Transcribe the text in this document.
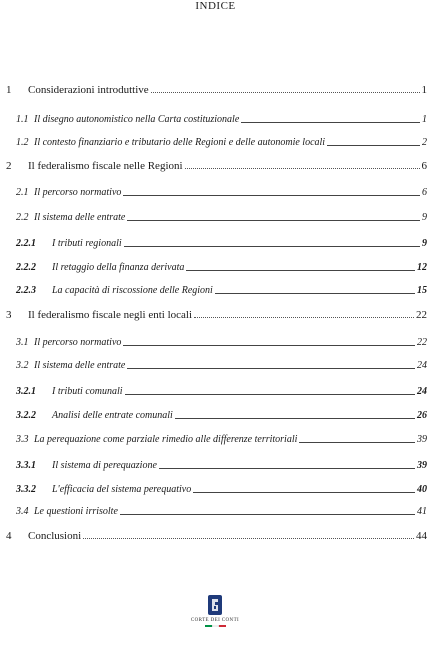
INDICE
1	Considerazioni introduttive	1
1.1 Il disegno autonomistico nella Carta costituzionale	1
1.2 Il contesto finanziario e tributario delle Regioni e delle autonomie locali	2
2	Il federalismo fiscale nelle Regioni	6
2.1 Il percorso normativo	6
2.2 Il sistema delle entrate	9
2.2.1	I tributi regionali	9
2.2.2	Il retaggio della finanza derivata	12
2.2.3	La capacità di riscossione delle Regioni	15
3	Il federalismo fiscale negli enti locali	22
3.1 Il percorso normativo	22
3.2 Il sistema delle entrate	24
3.2.1	I tributi comunali	24
3.2.2	Analisi delle entrate comunali	26
3.3 La perequazione come parziale rimedio alle differenze territoriali	39
3.3.1	Il sistema di perequazione	39
3.3.2	L'efficacia del sistema perequativo	40
3.4 Le questioni irrisolte	41
4	Conclusioni	44
CORTE DEI CONTI
